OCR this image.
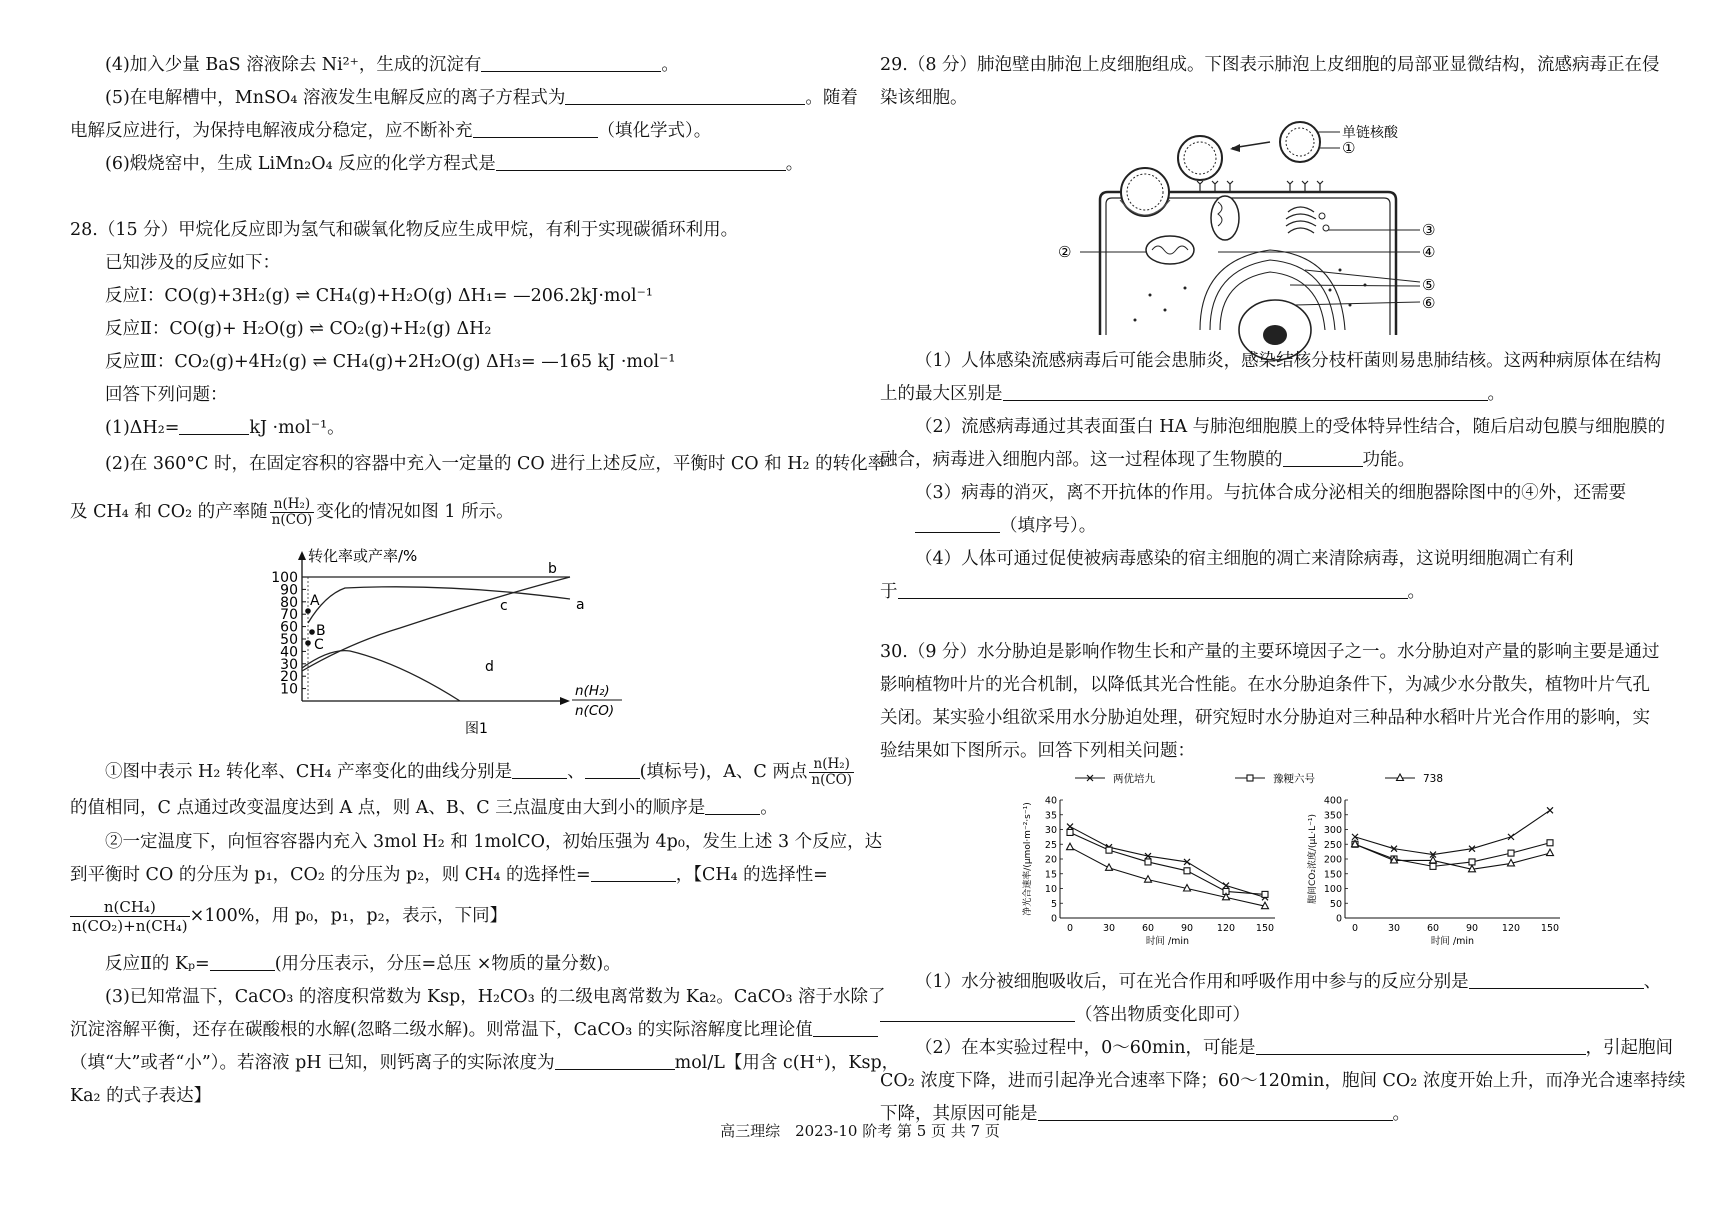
(4)加入少量 BaS 溶液除去 Ni²⁺，生成的沉淀有	。
(5)在电解槽中，MnSO₄ 溶液发生电解反应的离子方程式为	。随着
电解反应进行，为保持电解液成分稳定，应不断补充	（填化学式）。
(6)煅烧窑中，生成 LiMn₂O₄ 反应的化学方程式是	。
28.（15 分）甲烷化反应即为氢气和碳氧化物反应生成甲烷，有利于实现碳循环利用。
已知涉及的反应如下：
反应Ⅰ：CO(g)+3H₂(g) ⇌ CH₄(g)+H₂O(g) ΔH₁= —206.2kJ·mol⁻¹
反应Ⅱ：CO(g)+ H₂O(g) ⇌ CO₂(g)+H₂(g) ΔH₂
反应Ⅲ：CO₂(g)+4H₂(g) ⇌ CH₄(g)+2H₂O(g) ΔH₃= —165 kJ ·mol⁻¹
回答下列问题：
(1)ΔH₂=	kJ ·mol⁻¹。
(2)在 360°C 时，在固定容积的容器中充入一定量的 CO 进行上述反应，平衡时 CO 和 H₂ 的转化率
及 CH₄ 和 CO₂ 的产率随 $\frac{\text{n(H₂)}}{n(CO)}$ 变化的情况如图 1 所示。
转化率或产率/%
100
90
80
70
60
50
40
30
20
10
A
B
C
b
a
c
d
n(H₂)
n(CO)
图1
①图中表示 H₂ 转化率、CH₄ 产率变化的曲线分别是	、	(填标号)，A、C 两点 $\frac{\text{n(H₂)}}{n(CO)}$
的值相同，C 点通过改变温度达到 A 点，则 A、B、C 三点温度由大到小的顺序是	。
②一定温度下，向恒容容器内充入 3mol H₂ 和 1molCO，初始压强为 4p₀，发生上述 3 个反应，达
到平衡时 CO 的分压为 p₁，CO₂ 的分压为 p₂，则 CH₄ 的选择性=	，【CH₄ 的选择性=
$\frac{\text{n(CH₄)}}{\text{n(CO₂)+n(CH₄)}} \times 100\%$，用 p₀，p₁，p₂，表示，下同】
反应Ⅱ的 Kₚ=	(用分压表示，分压=总压 ×物质的量分数)。
(3)已知常温下，CaCO₃ 的溶度积常数为 Ksp，H₂CO₃ 的二级电离常数为 Ka₂。CaCO₃ 溶于水除了
沉淀溶解平衡，还存在碳酸根的水解(忽略二级水解)。则常温下，CaCO₃ 的实际溶解度比理论值
（填“大”或者“小”）。若溶液 pH 已知，则钙离子的实际浓度为	mol/L【用含 c(H⁺)，Ksp，
Ka₂ 的式子表达】
29.（8 分）肺泡壁由肺泡上皮细胞组成。下图表示肺泡上皮细胞的局部亚显微结构，流感病毒正在侵
染该细胞。
单链核酸
①
②
③
④
⑤
⑥
（1）人体感染流感病毒后可能会患肺炎，感染结核分枝杆菌则易患肺结核。这两种病原体在结构
上的最大区别是	。
（2）流感病毒通过其表面蛋白 HA 与肺泡细胞膜上的受体特异性结合，随后启动包膜与细胞膜的
融合，病毒进入细胞内部。这一过程体现了生物膜的	功能。
（3）病毒的消灭，离不开抗体的作用。与抗体合成分泌相关的细胞器除图中的④外，还需要
（填序号）。
（4）人体可通过促使被病毒感染的宿主细胞的凋亡来清除病毒，这说明细胞凋亡有利
于	。
30.（9 分）水分胁迫是影响作物生长和产量的主要环境因子之一。水分胁迫对产量的影响主要是通过
影响植物叶片的光合机制，以降低其光合性能。在水分胁迫条件下，为减少水分散失，植物叶片气孔
关闭。某实验小组欲采用水分胁迫处理，研究短时水分胁迫对三种品种水稻叶片光合作用的影响，实
验结果如下图所示。回答下列相关问题：
两优培九	豫粳六号	738
0
5
10
15
20
25
30
35
40
0	30	60	90	120 150
时间 /min
净光合速率/(μmol·m⁻²·s⁻¹)
0
50
100
150
200
250
300
350
400
0	30	60	90	120 150
时间 /min
胞间CO₂浓度/(μL·L⁻¹)
（1）水分被细胞吸收后，可在光合作用和呼吸作用中参与的反应分别是	、
（答出物质变化即可）
（2）在本实验过程中，0～60min，可能是	，引起胞间
CO₂ 浓度下降，进而引起净光合速率下降；60～120min，胞间 CO₂ 浓度开始上升，而净光合速率持续
下降，其原因可能是	。
高三理综　2023-10 阶考 第 5 页 共 7 页
